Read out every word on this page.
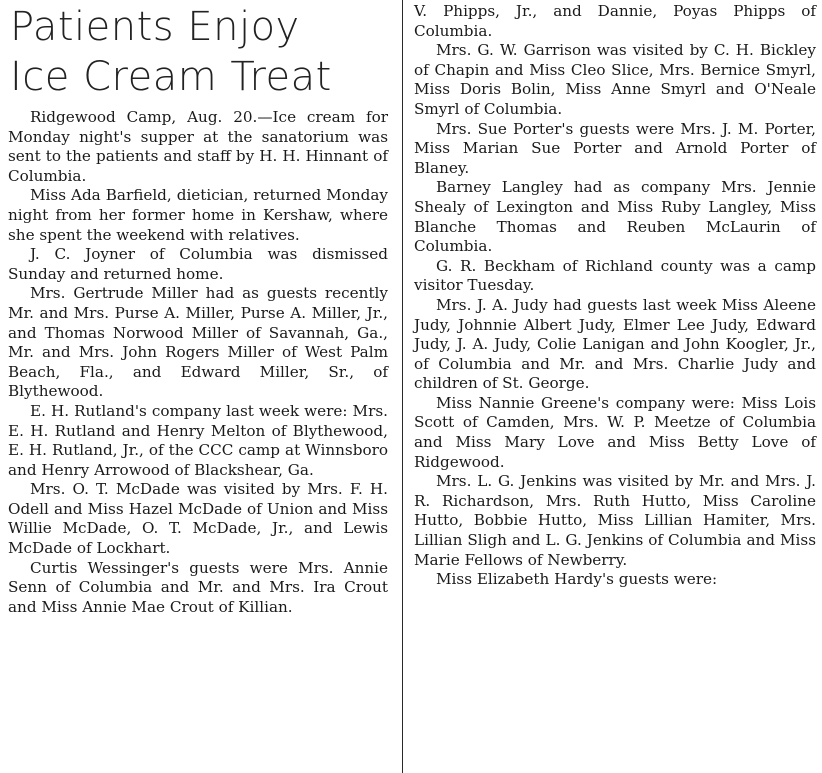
Patients Enjoy
Ice Cream Treat

Ridgewood Camp, Aug. 20.—Ice cream for Monday night's supper at the sanatorium was sent to the patients and staff by H. H. Hinnant of Columbia.

Miss Ada Barfield, dietician, returned Monday night from her former home in Kershaw, where she spent the weekend with relatives.

J. C. Joyner of Columbia was dismissed Sunday and returned home.

Mrs. Gertrude Miller had as guests recently Mr. and Mrs. Purse A. Miller, Purse A. Miller, Jr., and Thomas Norwood Miller of Savannah, Ga., Mr. and Mrs. John Rogers Miller of West Palm Beach, Fla., and Edward Miller, Sr., of Blythewood.

E. H. Rutland's company last week were: Mrs. E. H. Rutland and Henry Melton of Blythewood, E. H. Rutland, Jr., of the CCC camp at Winnsboro and Henry Arrowood of Blackshear, Ga.

Mrs. O. T. McDade was visited by Mrs. F. H. Odell and Miss Hazel McDade of Union and Miss Willie McDade, O. T. McDade, Jr., and Lewis McDade of Lockhart.

Curtis Wessinger's guests were Mrs. Annie Senn of Columbia and Mr. and Mrs. Ira Crout and Miss Annie Mae Crout of Killian.

V. Phipps, Jr., and Dannie, Poyas Phipps of Columbia.

Mrs. G. W. Garrison was visited by C. H. Bickley of Chapin and Miss Cleo Slice, Mrs. Bernice Smyrl, Miss Doris Bolin, Miss Anne Smyrl and O'Neale Smyrl of Columbia.

Mrs. Sue Porter's guests were Mrs. J. M. Porter, Miss Marian Sue Porter and Arnold Porter of Blaney.

Barney Langley had as company Mrs. Jennie Shealy of Lexington and Miss Ruby Langley, Miss Blanche Thomas and Reuben McLaurin of Columbia.

G. R. Beckham of Richland county was a camp visitor Tuesday.

Mrs. J. A. Judy had guests last week Miss Aleene Judy, Johnnie Albert Judy, Elmer Lee Judy, Edward Judy, J. A. Judy, Colie Lanigan and John Koogler, Jr., of Columbia and Mr. and Mrs. Charlie Judy and children of St. George.

Miss Nannie Greene's company were: Miss Lois Scott of Camden, Mrs. W. P. Meetze of Columbia and Miss Mary Love and Miss Betty Love of Ridgewood.

Mrs. L. G. Jenkins was visited by Mr. and Mrs. J. R. Richardson, Mrs. Ruth Hutto, Miss Caroline Hutto, Bobbie Hutto, Miss Lillian Hamiter, Mrs. Lillian Sligh and L. G. Jenkins of Columbia and Miss Marie Fellows of Newberry.

Miss Elizabeth Hardy's guests were:
